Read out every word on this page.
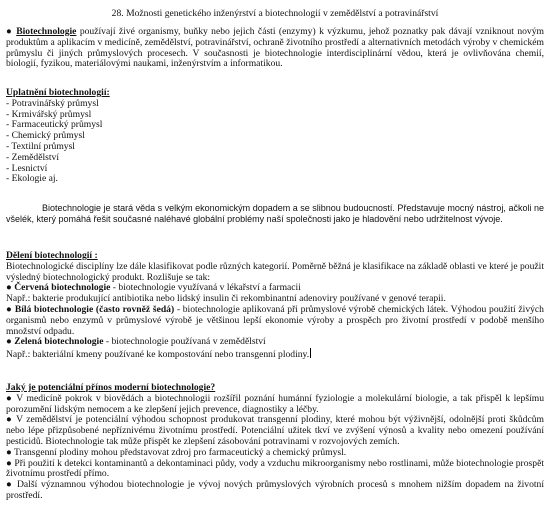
28. Možnosti genetického inženýrství a biotechnologií v zemědělství a potravinářství

● Biotechnologie používají živé organismy, buňky nebo jejich části (enzymy) k výzkumu, jehož poznatky pak dávají vzniknout novým produktům a aplikacím v medicíně, zemědělství, potravinářství, ochraně životního prostředí a alternativních metodách výroby v chemickém průmyslu či jiných průmyslových procesech. V současnosti je biotechnologie interdisciplinární vědou, která je ovlivňována chemií, biologií, fyzikou, materiálovými naukami, inženýrstvím a informatikou.

Uplatnění biotechnologií:
- Potravinářský průmysl
- Krmivářský průmysl
- Farmaceutický průmysl
- Chemický průmysl
- Textilní průmysl
- Zemědělství
- Lesnictví
- Ekologie aj.

Biotechnologie je stará věda s velkým ekonomickým dopadem a se slibnou budoucností. Představuje mocný nástroj, ačkoli ne všelék, který pomáhá řešit současné naléhavé globální problémy naší společnosti jako je hladovění nebo udržitelnost vývoje.

Dělení biotechnologií :
Biotechnologické disciplíny lze dále klasifikovat podle různých kategorií. Poměrně běžná je klasifikace na základě oblasti ve které je použit výsledný biotechnologický produkt. Rozlišuje se tak:
● Červená biotechnologie - biotechnologie využívaná v lékařství a farmacii
Např.: bakterie produkující antibiotika nebo lidský insulin či rekombinantní adenoviry používané v genové terapii.
● Bílá biotechnologie (často rovněž šedá) - biotechnologie aplikovaná při průmyslové výrobě chemických látek. Výhodou použití živých organismů nebo enzymů v průmyslové výrobě je většinou lepší ekonomie výroby a prospěch pro životní prostředí v podobě menšího množství odpadu.
● Zelená biotechnologie - biotechnologie používaná v zemědělství
Např.: bakteriální kmeny používané ke kompostování nebo transgenní plodiny.
Jaký je potenciální přínos moderní biotechnologie?
● V medicíně pokrok v biovědách a biotechnologii rozšířil poznání humánní fyziologie a molekulární biologie, a tak přispěl k lepšímu porozumění lidským nemocem a ke zlepšení jejich prevence, diagnostiky a léčby.
● V zemědělství je potenciální výhodou schopnost produkovat transgenní plodiny, které mohou být výživnější, odolnější proti škůdcům nebo lépe přizpůsobené nepříznivému životnímu prostředí. Potenciální užitek tkví ve zvýšení výnosů a kvality nebo omezení používání pesticidů. Biotechnologie tak může přispět ke zlepšení zásobování potravinami v rozvojových zemích.
● Transgenní plodiny mohou představovat zdroj pro farmaceutický a chemický průmysl.
● Při použití k detekci kontaminantů a dekontaminaci půdy, vody a vzduchu mikroorganismy nebo rostlinami, může biotechnologie prospět životnímu prostředí přímo.
● Další významnou výhodou biotechnologie je vývoj nových průmyslových výrobních procesů s mnohem nižším dopadem na životní prostředí.
